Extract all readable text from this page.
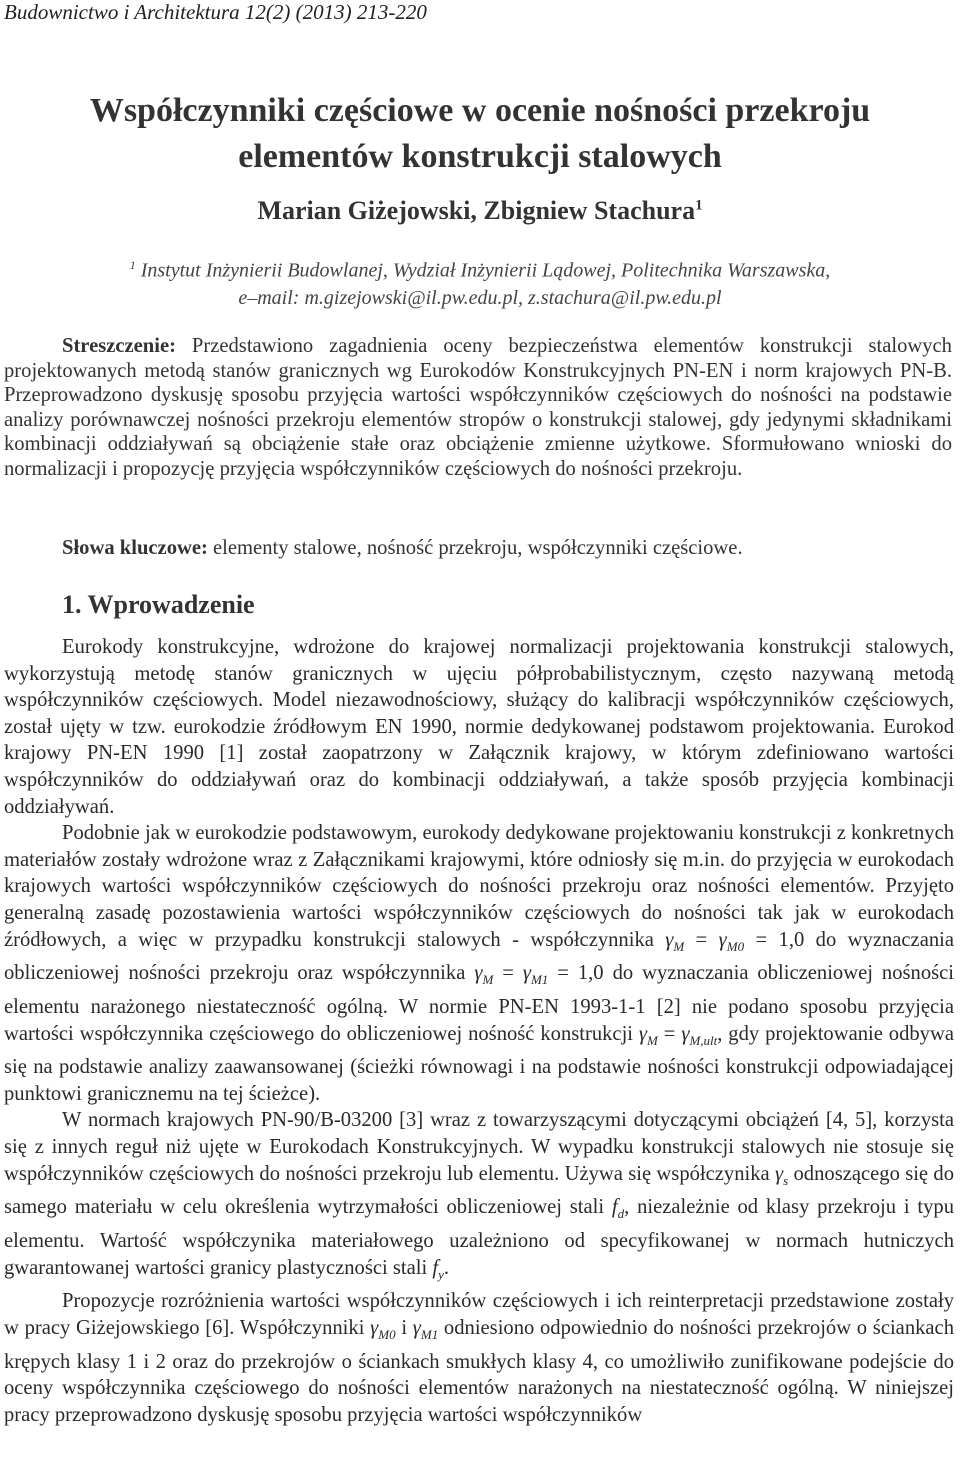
Budownictwo i Architektura 12(2) (2013) 213-220
Współczynniki częściowe w ocenie nośności przekroju
elementów konstrukcji stalowych
Marian Giżejowski, Zbigniew Stachura$^1$
$^1$ Instytut Inżynierii Budowlanej, Wydział Inżynierii Lądowej, Politechnika Warszawska,
e–mail: m.gizejowski@il.pw.edu.pl, z.stachura@il.pw.edu.pl
Streszczenie: Przedstawiono zagadnienia oceny bezpieczeństwa elementów konstrukcji stalowych projektowanych metodą stanów granicznych wg Eurokodów Konstrukcyjnych PN-EN i norm krajowych PN-B. Przeprowadzono dyskusję sposobu przyjęcia wartości współczynników częściowych do nośności na podstawie analizy porównawczej nośności przekroju elementów stropów o konstrukcji stalowej, gdy jedynymi składnikami kombinacji oddziaływań są obciążenie stałe oraz obciążenie zmienne użytkowe. Sformułowano wnioski do normalizacji i propozycję przyjęcia współczynników częściowych do nośności przekroju.
Słowa kluczowe: elementy stalowe, nośność przekroju, współczynniki częściowe.
1. Wprowadzenie

Eurokody konstrukcyjne, wdrożone do krajowej normalizacji projektowania konstrukcji stalowych, wykorzystują metodę stanów granicznych w ujęciu półprobabilistycznym, często nazywaną metodą współczynników częściowych. Model niezawodnościowy, służący do kalibracji współczynników częściowych, został ujęty w tzw. eurokodzie źródłowym EN 1990, normie dedykowanej podstawom projektowania. Eurokod krajowy PN-EN 1990 [1] został zaopatrzony w Załącznik krajowy, w którym zdefiniowano wartości współczynników do oddziaływań oraz do kombinacji oddziaływań, a także sposób przyjęcia kombinacji oddziaływań.

Podobnie jak w eurokodzie podstawowym, eurokody dedykowane projektowaniu konstrukcji z konkretnych materiałów zostały wdrożone wraz z Załącznikami krajowymi, które odniosły się m.in. do przyjęcia w eurokodach krajowych wartości współczynników częściowych do nośności przekroju oraz nośności elementów. Przyjęto generalną zasadę pozostawienia wartości współczynników częściowych do nośności tak jak w eurokodach źródłowych, a więc w przypadku konstrukcji stalowych - współczynnika $\gamma_M = \gamma_{M0} = 1,0$ do wyznaczania obliczeniowej nośności przekroju oraz współczynnika $\gamma_M = \gamma_{M1} = 1,0$ do wyznaczania obliczeniowej nośności elementu narażonego niestateczność ogólną. W normie PN-EN 1993-1-1 [2] nie podano sposobu przyjęcia wartości współczynnika częściowego do obliczeniowej nośność konstrukcji $\gamma_M = \gamma_{M,ult}$, gdy projektowanie odbywa się na podstawie analizy zaawansowanej (ścieżki równowagi i na podstawie nośności konstrukcji odpowiadającej punktowi granicznemu na tej ścieżce).

W normach krajowych PN-90/B-03200 [3] wraz z towarzyszącymi dotyczącymi obciążeń [4, 5], korzysta się z innych reguł niż ujęte w Eurokodach Konstrukcyjnych. W wypadku konstrukcji stalowych nie stosuje się współczynników częściowych do nośności przekroju lub elementu. Używa się współczynika $\gamma_s$ odnoszącego się do samego materiału w celu określenia wytrzymałości obliczeniowej stali $f_d$, niezależnie od klasy przekroju i typu elementu. Wartość współczynika materiałowego uzależniono od specyfikowanej w normach hutniczych gwarantowanej wartości granicy plastyczności stali $f_y$.

Propozycje rozróżnienia wartości współczynników częściowych i ich reinterpretacji przedstawione zostały w pracy Giżejowskiego [6]. Współczynniki $\gamma_{M0}$ i $\gamma_{M1}$ odniesiono odpowiednio do nośności przekrojów o ściankach krępych klasy 1 i 2 oraz do przekrojów o ściankach smukłych klasy 4, co umożliwiło zunifikowane podejście do oceny współczynnika częściowego do nośności elementów narażonych na niestateczność ogólną. W niniejszej pracy przeprowadzono dyskusję sposobu przyjęcia wartości współczynników
